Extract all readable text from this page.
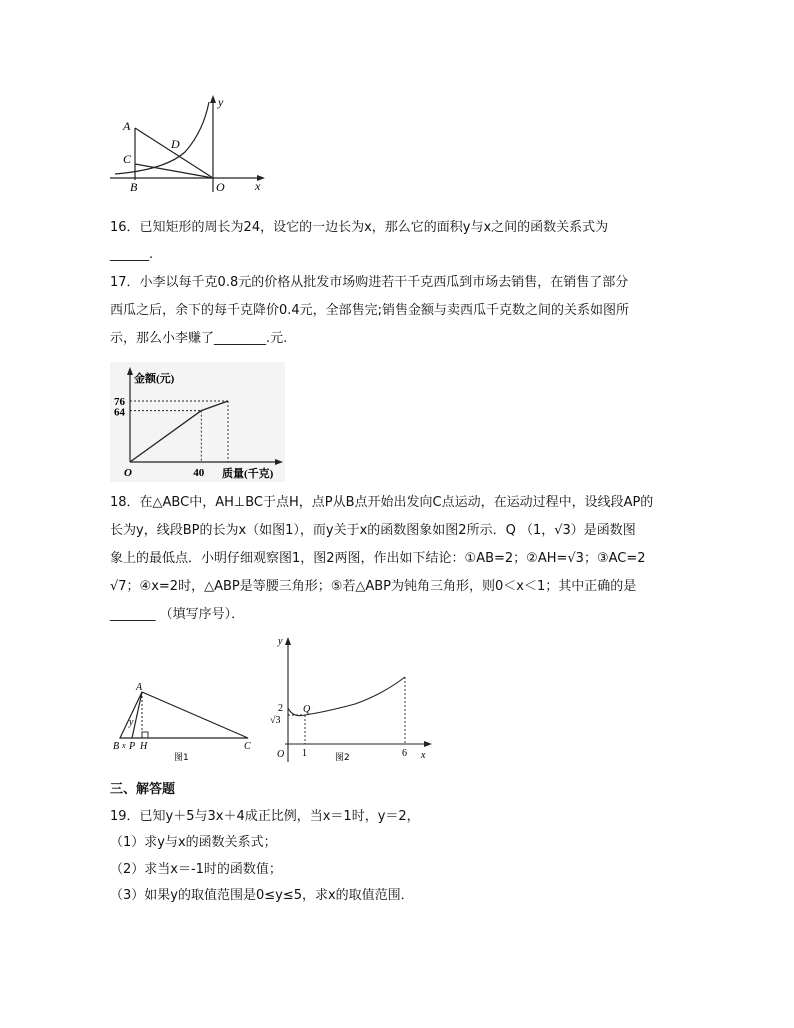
y
x
A
D
C
B	O
16．已知矩形的周长为24，设它的一边长为x，那么它的面积y与x之间的函数关系式为
______.
17．小李以每千克0.8元的价格从批发市场购进若干千克西瓜到市场去销售，在销售了部分
西瓜之后，余下的每千克降价0.4元，全部售完;销售金额与卖西瓜千克数之间的关系如图所
示，那么小李赚了________.元.
金额(元)
质量(千克)
O
76
64
40
18．在△ABC中，AH⊥BC于点H，点P从B点开始出发向C点运动，在运动过程中，设线段AP的
长为y，线段BP的长为x（如图1），而y关于x的函数图象如图2所示．Q （1，√3）是函数图
象上的最低点．小明仔细观察图1，图2两图，作出如下结论：①AB=2；②AH=√3；③AC=2
√7；④x=2时，△ABP是等腰三角形；⑤若△ABP为钝角三角形，则0＜x＜1；其中正确的是
_______ （填写序号）．
A
y
B x P H	C
图1
y
x
O
2
√3
Q
1	6
图2
三、解答题
19．已知y＋5与3x＋4成正比例，当x＝1时，y＝2，
（1）求y与x的函数关系式；
（2）求当x＝-1时的函数值；
（3）如果y的取值范围是0≤y≤5，求x的取值范围．
